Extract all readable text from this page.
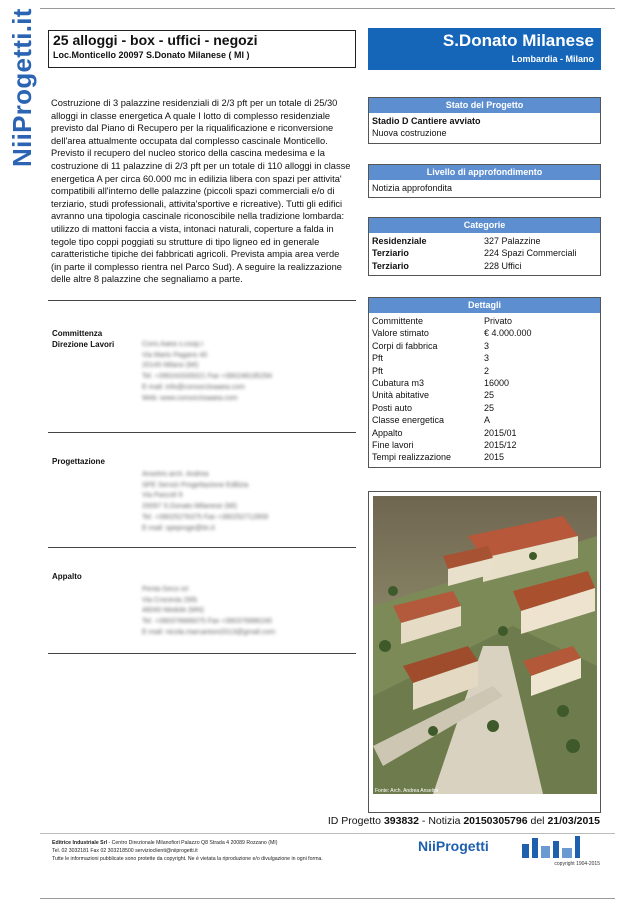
NiiProgetti.it	25 alloggi - box - uffici - negozi
Loc.Monticello 20097 S.Donato Milanese ( MI )
S.Donato Milanese
Lombardia - Milano
Costruzione di 3 palazzine residenziali di 2/3 pft per un totale di 25/30 alloggi in classe energetica A quale I lotto di complesso residenziale previsto dal Piano di Recupero per la riqualificazione e riconversione dell'area attualmente occupata dal complesso cascinale Monticello. Previsto il recupero del nucleo storico della cascina medesima e la costruzione di 11 palazzine di 2/3 pft per un totale di 110 alloggi in classe energetica A per circa 60.000 mc in edilizia libera con spazi per attivita' compatibili all'interno delle palazzine (piccoli spazi commerciali e/o di terziario, studi professionali, attivita'sportive e ricreative). Tutti gli edifici avranno una tipologia cascinale riconoscibile nella tradizione lombarda: utilizzo di mattoni faccia a vista, intonaci naturali, coperture a falda in tegole tipo coppi poggiati su strutture di tipo ligneo ed in generale caratteristiche tipiche dei fabbricati agricoli. Prevista ampia area verde (in parte il complesso rientra nel Parco Sud). A seguire la realizzazione delle altre 8 palazzine che segnaliamo a parte.
Committenza
Direzione Lavori	Cons.Aaea s.coop.r
Via Mario Pagano 40
20145 Milano (MI)
Tel. +390243335021 Fax +390248195294
E-mail: info@consorzioaaea.com
Web: www.consorzioaaea.com
Progettazione
Anselmi arch. Andrea
SPE Servizi Progettazione Edilizia
Via Pascoli 9
20097 S.Donato Milanese (MI)
Tel. +39025276375 Fax +390252712859
E-mail: speproge@tin.it
Appalto
Penta Geco srl
Via Crocevia 29/b
46040 Medole (MN)
Tel. +390376686075 Fax +390376686240
E-mail: nicola.marcantoni2013@gmail.com
Stato del Progetto
Stadio D Cantiere avviato
Nuova costruzione
Livello di approfondimento
Notizia approfondita
Categorie
Residenziale	327 Palazzine
Terziario	224 Spazi Commerciali
Terziario	228 Uffici
Dettagli
Committente	Privato
Valore stimato	€ 4.000.000
Corpi di fabbrica	3
Pft	3
Pft	2
Cubatura m3	16000
Unità abitative	25
Posti auto	25
Classe energetica	A
Appalto	2015/01
Fine lavori	2015/12
Tempi realizzazione	2015
Fonte: Arch. Andrea Anselmi
ID Progetto 393832 - Notizia 20150305796 del 21/03/2015
Editrice Industriale Srl - Centro Direzionale Milanofiori Palazzo Q8 Strada 4 20089 Rozzano (MI)
Tel. 02 3032181 Fax 02 303218500 servizioclienti@niiprogetti.it
Tutte le informazioni pubblicate sono protette da copyright. Ne è vietata la riproduzione e/o divulgazione in ogni forma.
NiiProgetti
copyright 1904-2015
